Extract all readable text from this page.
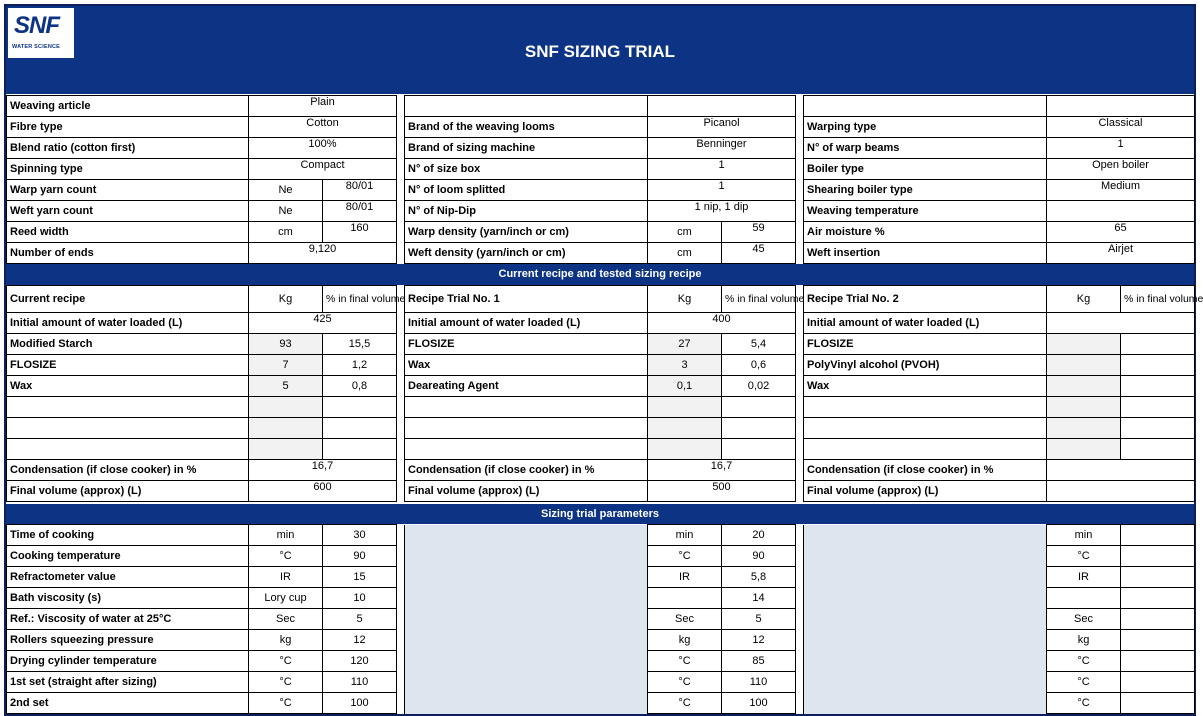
SNF
WATER SCIENCE	SNF SIZING TRIAL
Weaving article	Plain								
Fibre type	Cotton			Brand of the weaving looms	Picanol			Warping type	Classical
Blend ratio (cotton first)	100%			Brand of sizing machine	Benninger			N° of warp beams	1
Spinning type	Compact			N° of size box	1			Boiler type	Open boiler
Warp yarn count	Ne	80/01		N° of loom splitted	1			Shearing boiler type	Medium
Weft yarn count	Ne	80/01		N° of Nip-Dip	1 nip, 1 dip			Weaving temperature	
Reed width	cm	160		Warp density (yarn/inch or cm)	cm	59		Air moisture %	65
Number of ends	9,120			Weft density (yarn/inch or cm)	cm	45		Weft insertion	Airjet
Current recipe and tested sizing recipe
Current recipe	Kg	% in final volume		Recipe Trial No. 1	Kg	% in final volume		Recipe Trial No. 2	Kg	% in final volume
Initial amount of water loaded (L)	425			Initial amount of water loaded (L)	400			Initial amount of water loaded (L)		
Modified Starch	93	15,5		FLOSIZE	27	5,4		FLOSIZE		
FLOSIZE	7	1,2		Wax	3	0,6		PolyVinyl alcohol (PVOH)		
Wax	5	0,8		Deareating Agent	0,1	0,02		Wax		

Condensation (if close cooker) in %	16,7			Condensation (if close cooker) in %	16,7			Condensation (if close cooker) in %		
Final volume (approx) (L)	600			Final volume (approx) (L)	500			Final volume (approx) (L)		
Sizing trial parameters
Time of cooking	min	30			min	20			min	
Cooking temperature	°C	90			°C	90			°C	
Refractometer value	IR	15			IR	5,8			IR	
Bath viscosity (s)	Lory cup	10				14				
Ref.: Viscosity of water at 25°C	Sec	5			Sec	5			Sec	
Rollers squeezing pressure	kg	12			kg	12			kg	
Drying cylinder temperature	°C	120			°C	85			°C	
1st set (straight after sizing)	°C	110			°C	110			°C	
2nd set	°C	100			°C	100			°C	
